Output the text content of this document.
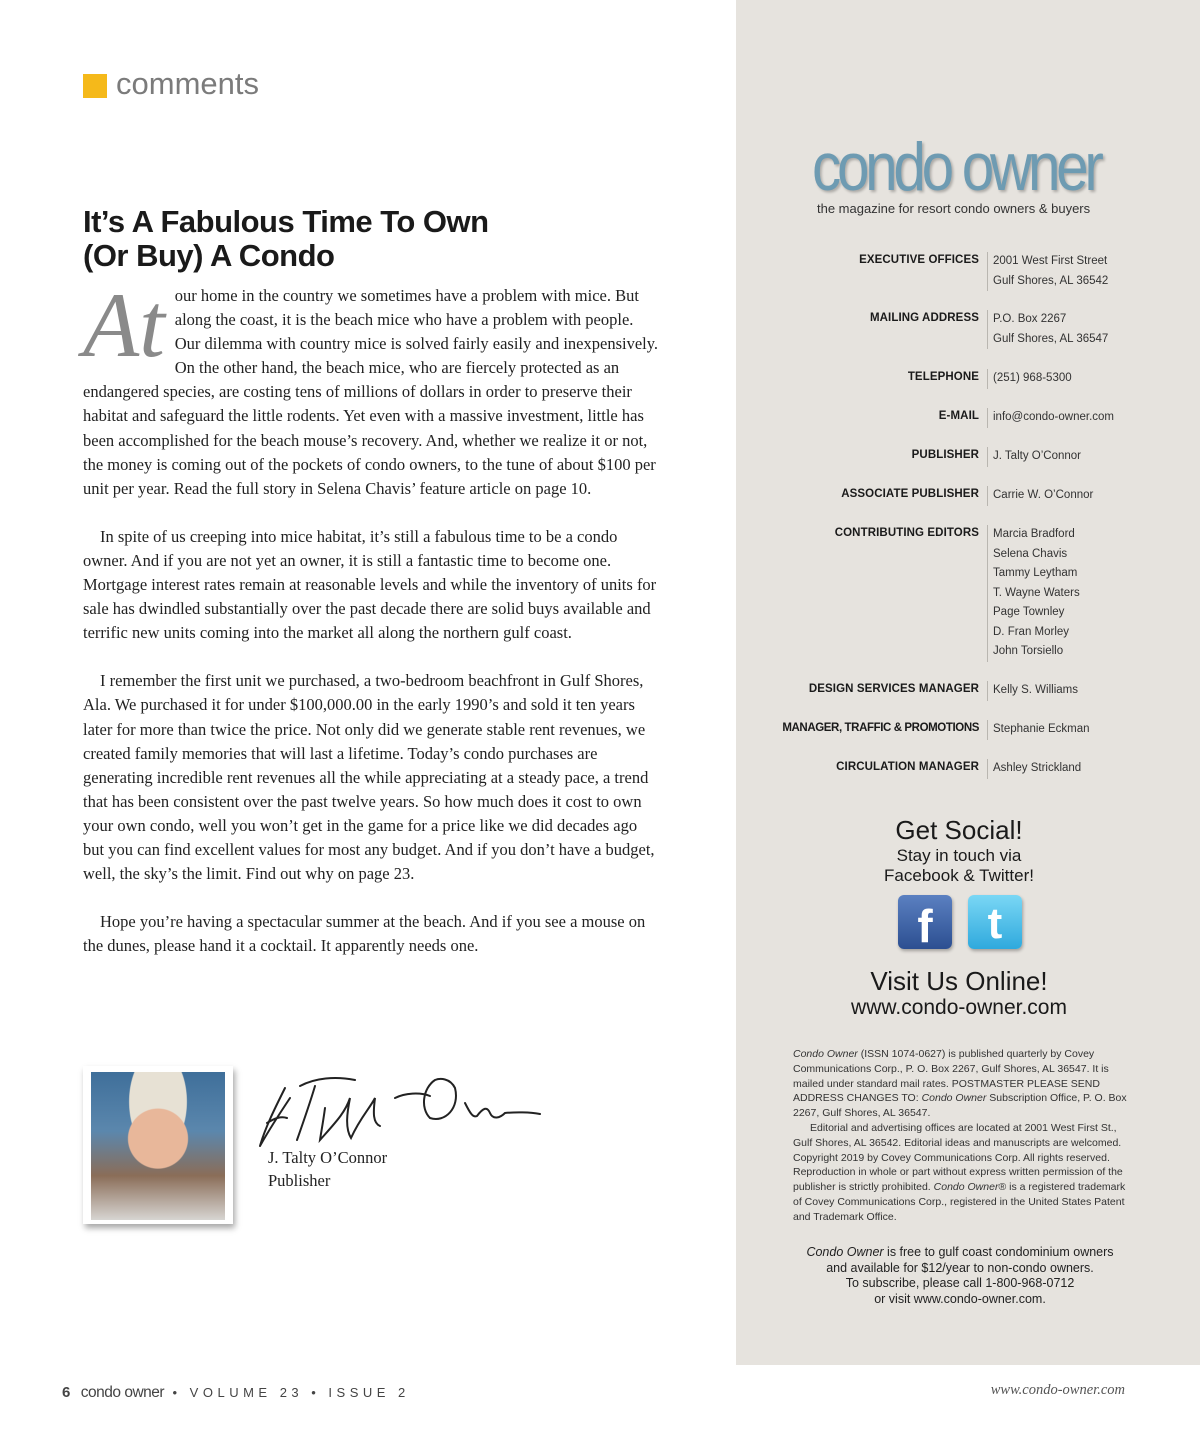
comments
It’s A Fabulous Time To Own
(Or Buy) A Condo

At our home in the country we sometimes have a problem with mice. But along the coast, it is the beach mice who have a problem with people. Our dilemma with country mice is solved fairly easily and inexpensively. On the other hand, the beach mice, who are fiercely protected as an endangered species, are costing tens of millions of dollars in order to preserve their habitat and safeguard the little rodents. Yet even with a massive investment, little has been accomplished for the beach mouse’s recovery. And, whether we realize it or not, the money is coming out of the pockets of condo owners, to the tune of about $100 per unit per year. Read the full story in Selena Chavis’ feature article on page 10.

In spite of us creeping into mice habitat, it’s still a fabulous time to be a condo owner. And if you are not yet an owner, it is still a fantastic time to become one. Mortgage interest rates remain at reasonable levels and while the inventory of units for sale has dwindled substantially over the past decade there are solid buys available and terrific new units coming into the market all along the northern gulf coast.

I remember the first unit we purchased, a two-bedroom beachfront in Gulf Shores, Ala. We purchased it for under $100,000.00 in the early 1990’s and sold it ten years later for more than twice the price. Not only did we generate stable rent revenues, we created family memories that will last a lifetime. Today’s condo purchases are generating incredible rent revenues all the while appreciating at a steady pace, a trend that has been consistent over the past twelve years. So how much does it cost to own your own condo, well you won’t get in the game for a price like we did decades ago but you can find excellent values for most any budget. And if you don’t have a budget, well, the sky’s the limit. Find out why on page 23.

Hope you’re having a spectacular summer at the beach. And if you see a mouse on the dunes, please hand it a cocktail. It apparently needs one.

J. Talty O’Connor
Publisher
condo owner
the magazine for resort condo owners & buyers
EXECUTIVE OFFICES 2001 West First Street
Gulf Shores, AL 36542
MAILING ADDRESS P.O. Box 2267
Gulf Shores, AL 36547
TELEPHONE (251) 968-5300
E-MAIL info@condo-owner.com
PUBLISHER J. Talty O’Connor
ASSOCIATE PUBLISHER Carrie W. O’Connor
CONTRIBUTING EDITORS Marcia Bradford
Selena Chavis
Tammy Leytham
T. Wayne Waters
Page Townley
D. Fran Morley
John Torsiello
DESIGN SERVICES MANAGER Kelly S. Williams
MANAGER, TRAFFIC & PROMOTIONS Stephanie Eckman
CIRCULATION MANAGER Ashley Strickland
Get Social!
Stay in touch via
Facebook & Twitter!
f	t
Visit Us Online!
www.condo-owner.com

Condo Owner (ISSN 1074-0627) is published quarterly by Covey Communications Corp., P. O. Box 2267, Gulf Shores, AL 36547. It is mailed under standard mail rates. POSTMASTER PLEASE SEND ADDRESS CHANGES TO: Condo Owner Subscription Office, P. O. Box 2267, Gulf Shores, AL 36547.

Editorial and advertising offices are located at 2001 West First St., Gulf Shores, AL 36542. Editorial ideas and manuscripts are welcomed. Copyright 2019 by Covey Communications Corp. All rights reserved. Reproduction in whole or part without express written permission of the publisher is strictly prohibited. Condo Owner® is a registered trademark of Covey Communications Corp., registered in the United States Patent and Trademark Office.

Condo Owner is free to gulf coast condominium owners
and available for $12/year to non-condo owners.
To subscribe, please call 1-800-968-0712
or visit www.condo-owner.com.
6 condo owner • VOLUME 23 • ISSUE 2	www.condo-owner.com
